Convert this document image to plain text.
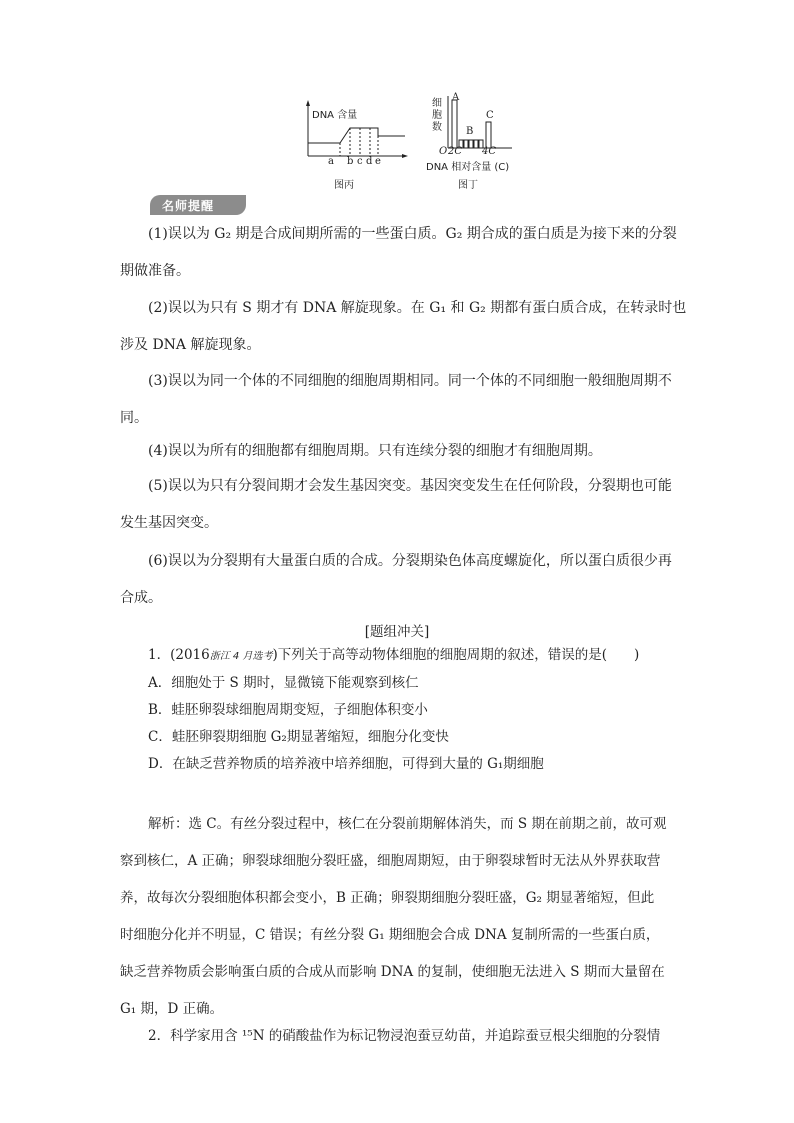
DNA 含量
a b c d e
图丙
细胞数
A
B
C
O 2C 4C
DNA 相对含量 (C)
图丁
名师提醒
(1)误以为 G₂ 期是合成间期所需的一些蛋白质。G₂ 期合成的蛋白质是为接下来的分裂
期做准备。
(2)误以为只有 S 期才有 DNA 解旋现象。在 G₁ 和 G₂ 期都有蛋白质合成，在转录时也
涉及 DNA 解旋现象。
(3)误以为同一个体的不同细胞的细胞周期相同。同一个体的不同细胞一般细胞周期不
同。
(4)误以为所有的细胞都有细胞周期。只有连续分裂的细胞才有细胞周期。
(5)误以为只有分裂间期才会发生基因突变。基因突变发生在任何阶段，分裂期也可能
发生基因突变。
(6)误以为分裂期有大量蛋白质的合成。分裂期染色体高度螺旋化，所以蛋白质很少再
合成。
[题组冲关]
1．(2016浙江 4 月选考)下列关于高等动物体细胞的细胞周期的叙述，错误的是(　　)
A．细胞处于 S 期时，显微镜下能观察到核仁
B．蛙胚卵裂球细胞周期变短，子细胞体积变小
C．蛙胚卵裂期细胞 G₂期显著缩短，细胞分化变快
D．在缺乏营养物质的培养液中培养细胞，可得到大量的 G₁期细胞
解析：选 C。有丝分裂过程中，核仁在分裂前期解体消失，而 S 期在前期之前，故可观
察到核仁，A 正确；卵裂球细胞分裂旺盛，细胞周期短，由于卵裂球暂时无法从外界获取营
养，故每次分裂细胞体积都会变小，B 正确；卵裂期细胞分裂旺盛，G₂ 期显著缩短，但此
时细胞分化并不明显，C 错误；有丝分裂 G₁ 期细胞会合成 DNA 复制所需的一些蛋白质，
缺乏营养物质会影响蛋白质的合成从而影响 DNA 的复制，使细胞无法进入 S 期而大量留在
G₁ 期，D 正确。
2．科学家用含 ¹⁵N 的硝酸盐作为标记物浸泡蚕豆幼苗，并追踪蚕豆根尖细胞的分裂情
